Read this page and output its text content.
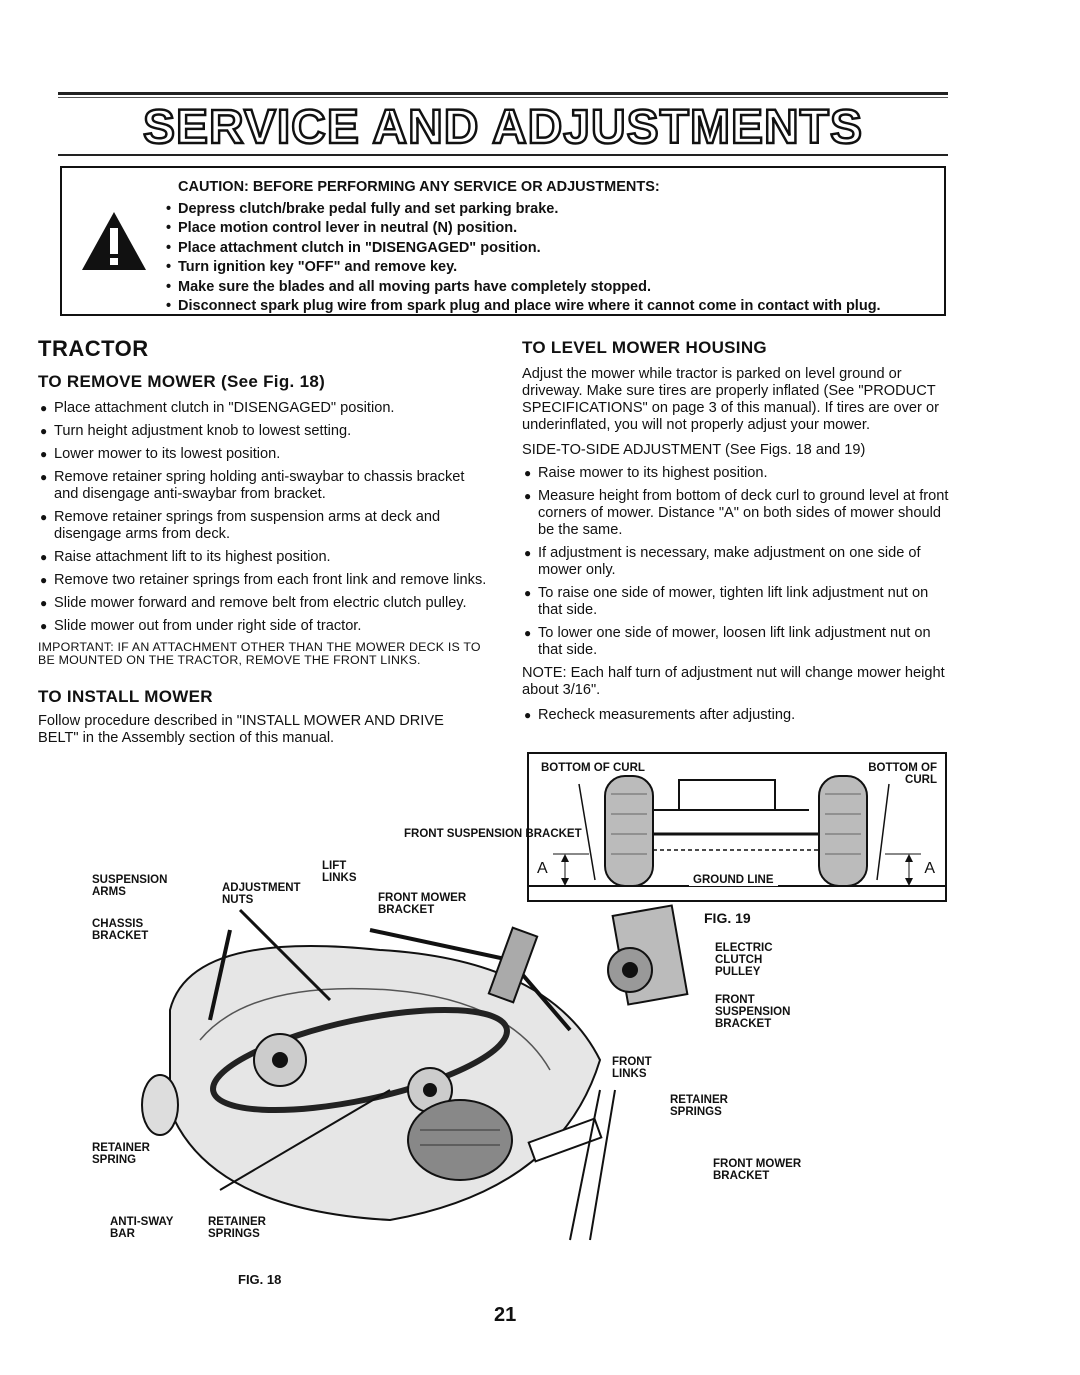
SERVICE AND ADJUSTMENTS
CAUTION: BEFORE PERFORMING ANY SERVICE OR ADJUSTMENTS:
• Depress clutch/brake pedal fully and set parking brake.
• Place motion control lever in neutral (N) position.
• Place attachment clutch in "DISENGAGED" position.
• Turn ignition key "OFF" and remove key.
• Make sure the blades and all moving parts have completely stopped.
• Disconnect spark plug wire from spark plug and place wire where it cannot come in contact with plug.
TRACTOR
TO REMOVE MOWER (See Fig. 18)
● Place attachment clutch in "DISENGAGED" position.
● Turn height adjustment knob to lowest setting.
● Lower mower to its lowest position.
● Remove retainer spring holding anti-swaybar to chassis bracket and disengage anti-swaybar from bracket.
● Remove retainer springs from suspension arms at deck and disengage arms from deck.
● Raise attachment lift to its highest position.
● Remove two retainer springs from each front link and remove links.
● Slide mower forward and remove belt from electric clutch pulley.
● Slide mower out from under right side of tractor.

IMPORTANT: IF AN ATTACHMENT OTHER THAN THE MOWER DECK IS TO BE MOUNTED ON THE TRACTOR, REMOVE THE FRONT LINKS.

TO INSTALL MOWER

Follow procedure described in "INSTALL MOWER AND DRIVE BELT" in the Assembly section of this manual.

TO LEVEL MOWER HOUSING

Adjust the mower while tractor is parked on level ground or driveway. Make sure tires are properly inflated (See "PRODUCT SPECIFICATIONS" on page 3 of this manual). If tires are over or underinflated, you will not properly adjust your mower.

SIDE-TO-SIDE ADJUSTMENT (See Figs. 18 and 19)

● Raise mower to its highest position.
● Measure height from bottom of deck curl to ground level at front corners of mower. Distance "A" on both sides of mower should be the same.
● If adjustment is necessary, make adjustment on one side of mower only.
● To raise one side of mower, tighten lift link adjustment nut on that side.
● To lower one side of mower, loosen lift link adjustment nut on that side.

NOTE: Each half turn of adjustment nut will change mower height about 3/16".

● Recheck measurements after adjusting.
BOTTOM OF CURL	BOTTOM OF CURL
A	A
GROUND LINE
FIG. 19
FRONT SUSPENSION BRACKET
LIFT LINKS
SUSPENSION ARMS	ADJUSTMENT NUTS	FRONT MOWER BRACKET
CHASSIS BRACKET
ELECTRIC CLUTCH PULLEY
FRONT SUSPENSION BRACKET
FRONT LINKS
RETAINER SPRINGS
RETAINER SPRING	FRONT MOWER BRACKET
ANTI-SWAY BAR
RETAINER SPRINGS
FIG. 18
21
